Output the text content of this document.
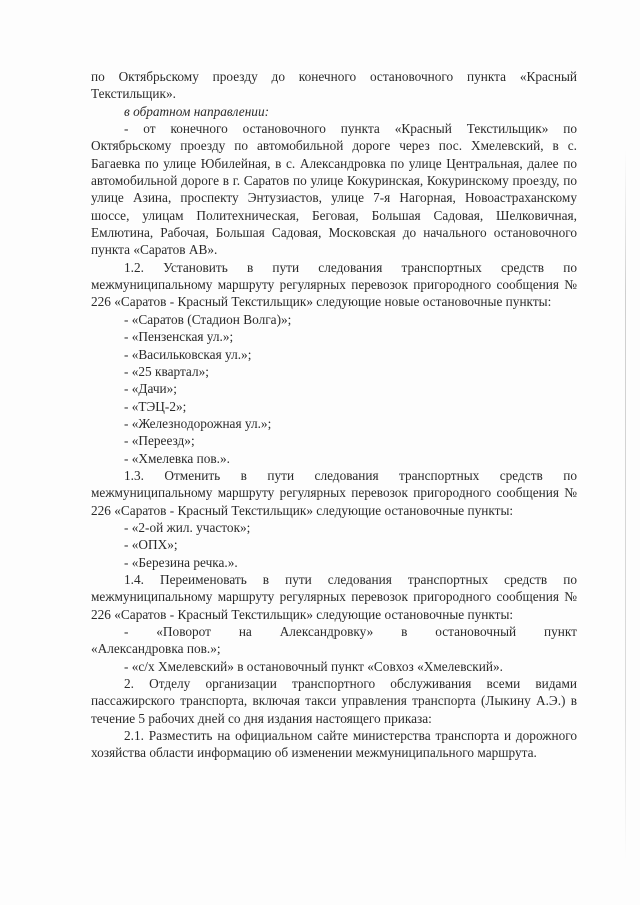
по Октябрьскому проезду до конечного остановочного пункта «Красный

Текстильщик».

в обратном направлении:

- от конечного остановочного пункта «Красный Текстильщик» по Октябрьскому проезду по автомобильной дороге через пос. Хмелевский, в с. Багаевка по улице Юбилейная, в с. Александровка по улице Центральная, далее по автомобильной дороге в г. Саратов по улице Кокуринская, Кокуринскому проезду, по улице Азина, проспекту Энтузиастов, улице 7-я Нагорная, Новоастраханскому шоссе, улицам Политехническая, Беговая, Большая Садовая, Шелковичная, Емлютина, Рабочая, Большая Садовая, Московская до начального остановочного пункта «Саратов АВ».

1.2. Установить в пути следования транспортных средств по межмуниципальному маршруту регулярных перевозок пригородного сообщения № 226 «Саратов - Красный Текстильщик» следующие новые остановочные пункты:

- «Саратов (Стадион Волга)»;

- «Пензенская ул.»;

- «Васильковская ул.»;

- «25 квартал»;

- «Дачи»;

- «ТЭЦ-2»;

- «Железнодорожная ул.»;

- «Переезд»;

- «Хмелевка пов.».

1.3. Отменить в пути следования транспортных средств по межмуниципальному маршруту регулярных перевозок пригородного сообщения № 226 «Саратов - Красный Текстильщик» следующие остановочные пункты:

- «2-ой жил. участок»;

- «ОПХ»;

- «Березина речка.».

1.4. Переименовать в пути следования транспортных средств по межмуниципальному маршруту регулярных перевозок пригородного сообщения № 226 «Саратов - Красный Текстильщик» следующие остановочные пункты:

- «Поворот на Александровку» в остановочный пункт

«Александровка пов.»;

- «с/х Хмелевский» в остановочный пункт «Совхоз «Хмелевский».

2. Отделу организации транспортного обслуживания всеми видами пассажирского транспорта, включая такси управления транспорта (Лыкину А.Э.) в течение 5 рабочих дней со дня издания настоящего приказа:

2.1. Разместить на официальном сайте министерства транспорта и дорожного хозяйства области информацию об изменении межмуниципального маршрута.
